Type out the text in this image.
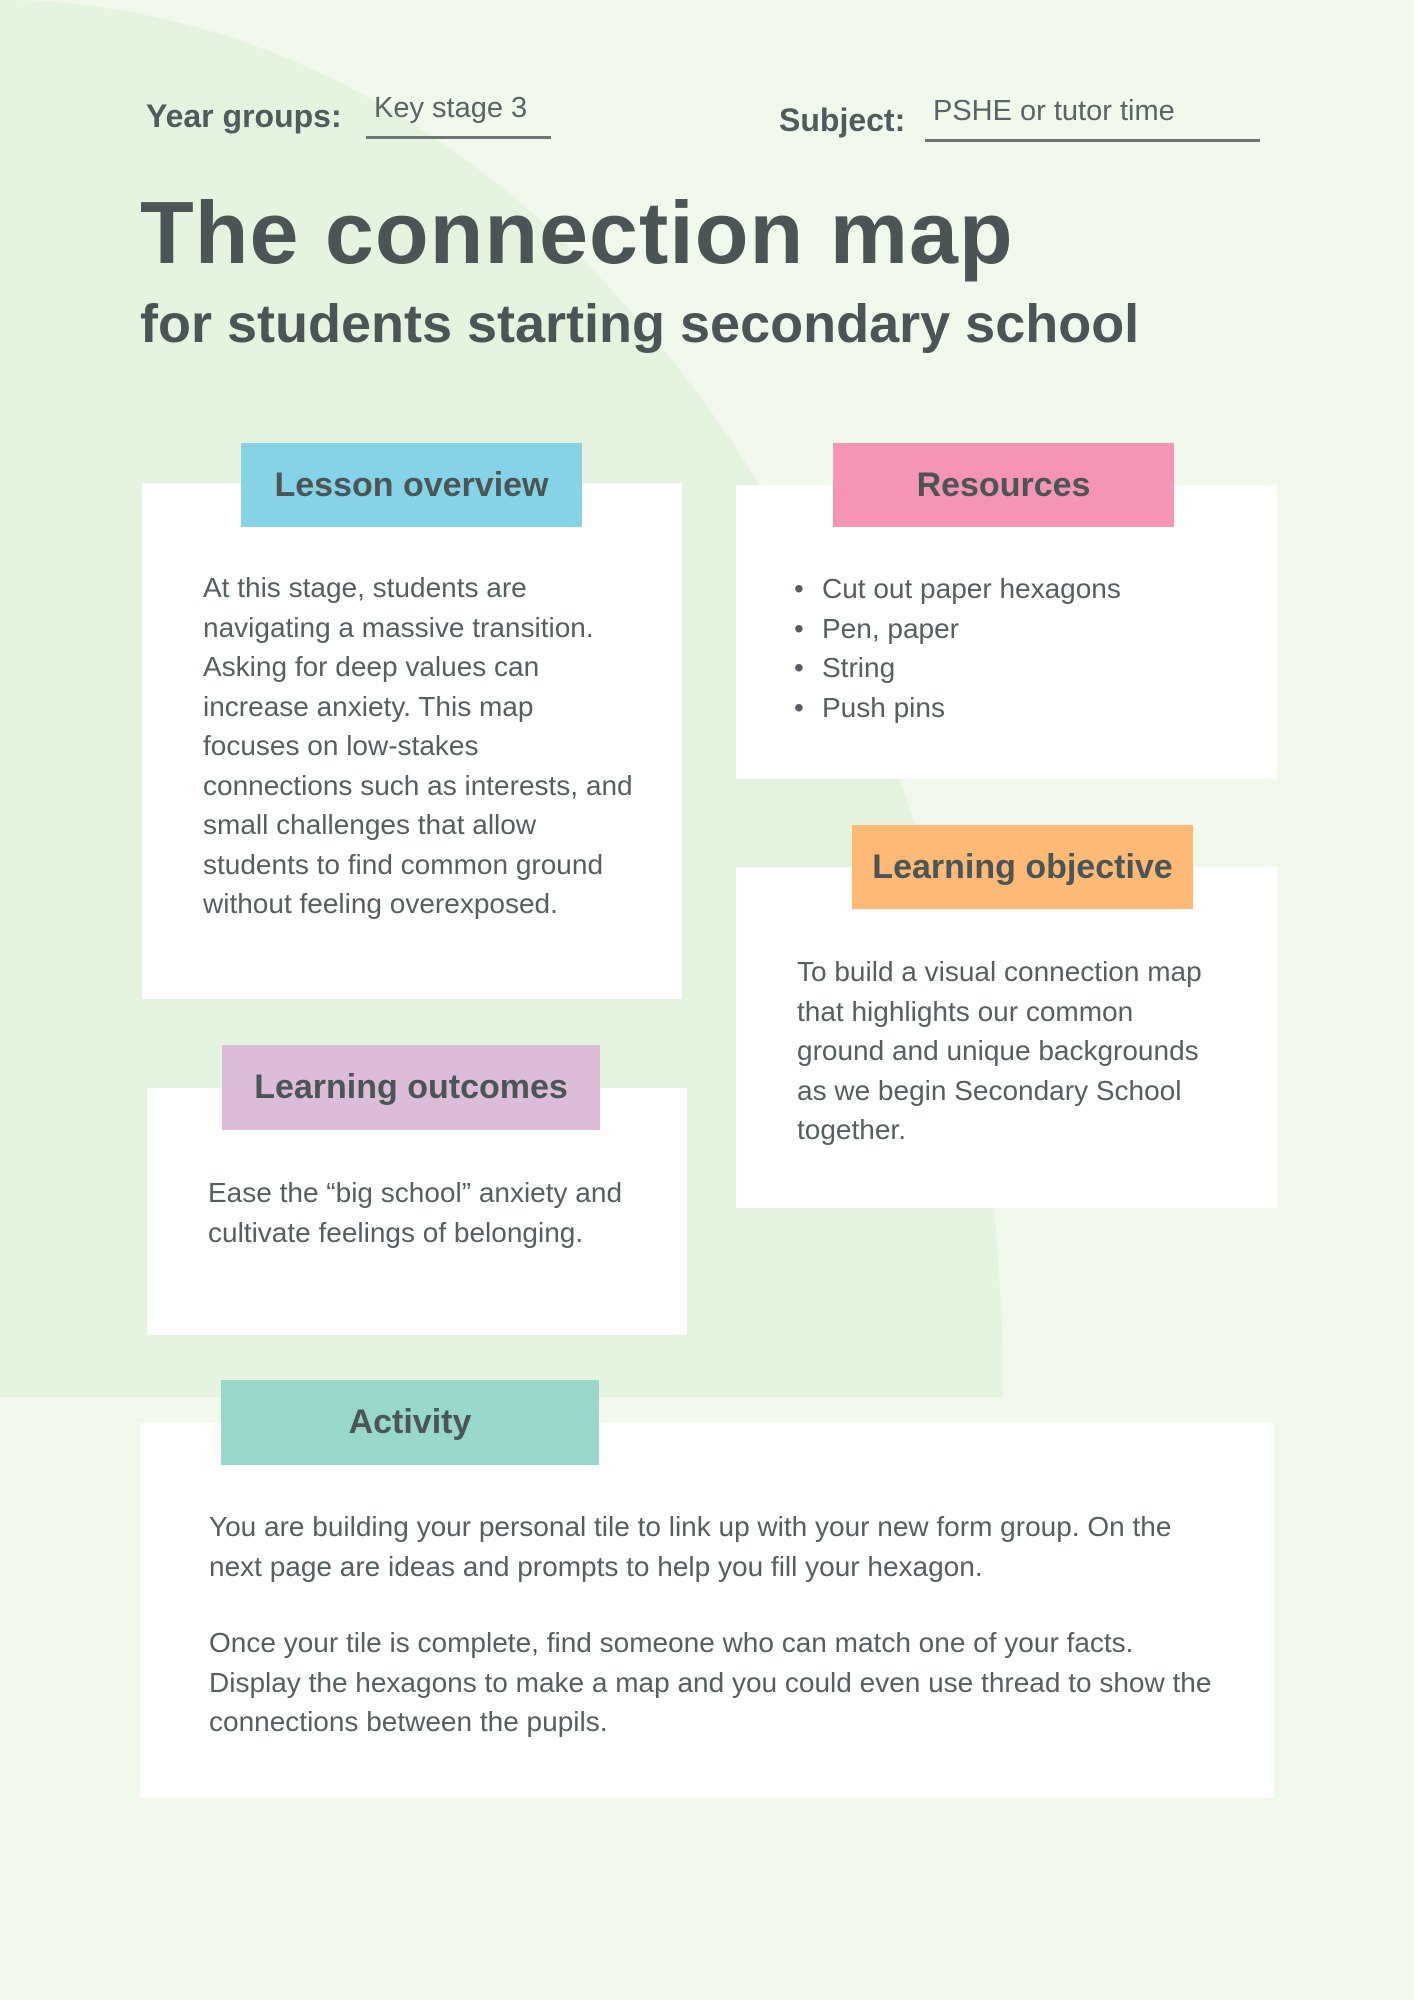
Year groups: Key stage 3	Subject: PSHE or tutor time
The connection map
for students starting secondary school

At this stage, students are navigating a massive transition. Asking for deep values can increase anxiety. This map focuses on low-stakes connections such as interests, and small challenges that allow students to find common ground without feeling overexposed.

Lesson overview
• Cut out paper hexagons
• Pen, paper
• String
• Push pins
Resources

To build a visual connection map that highlights our common ground and unique backgrounds as we begin Secondary School together.

Learning objective

Ease the “big school” anxiety and cultivate feelings of belonging.

Learning outcomes

You are building your personal tile to link up with your new form group. On the next page are ideas and prompts to help you fill your hexagon.

Once your tile is complete, find someone who can match one of your facts. Display the hexagons to make a map and you could even use thread to show the connections between the pupils.

Activity
